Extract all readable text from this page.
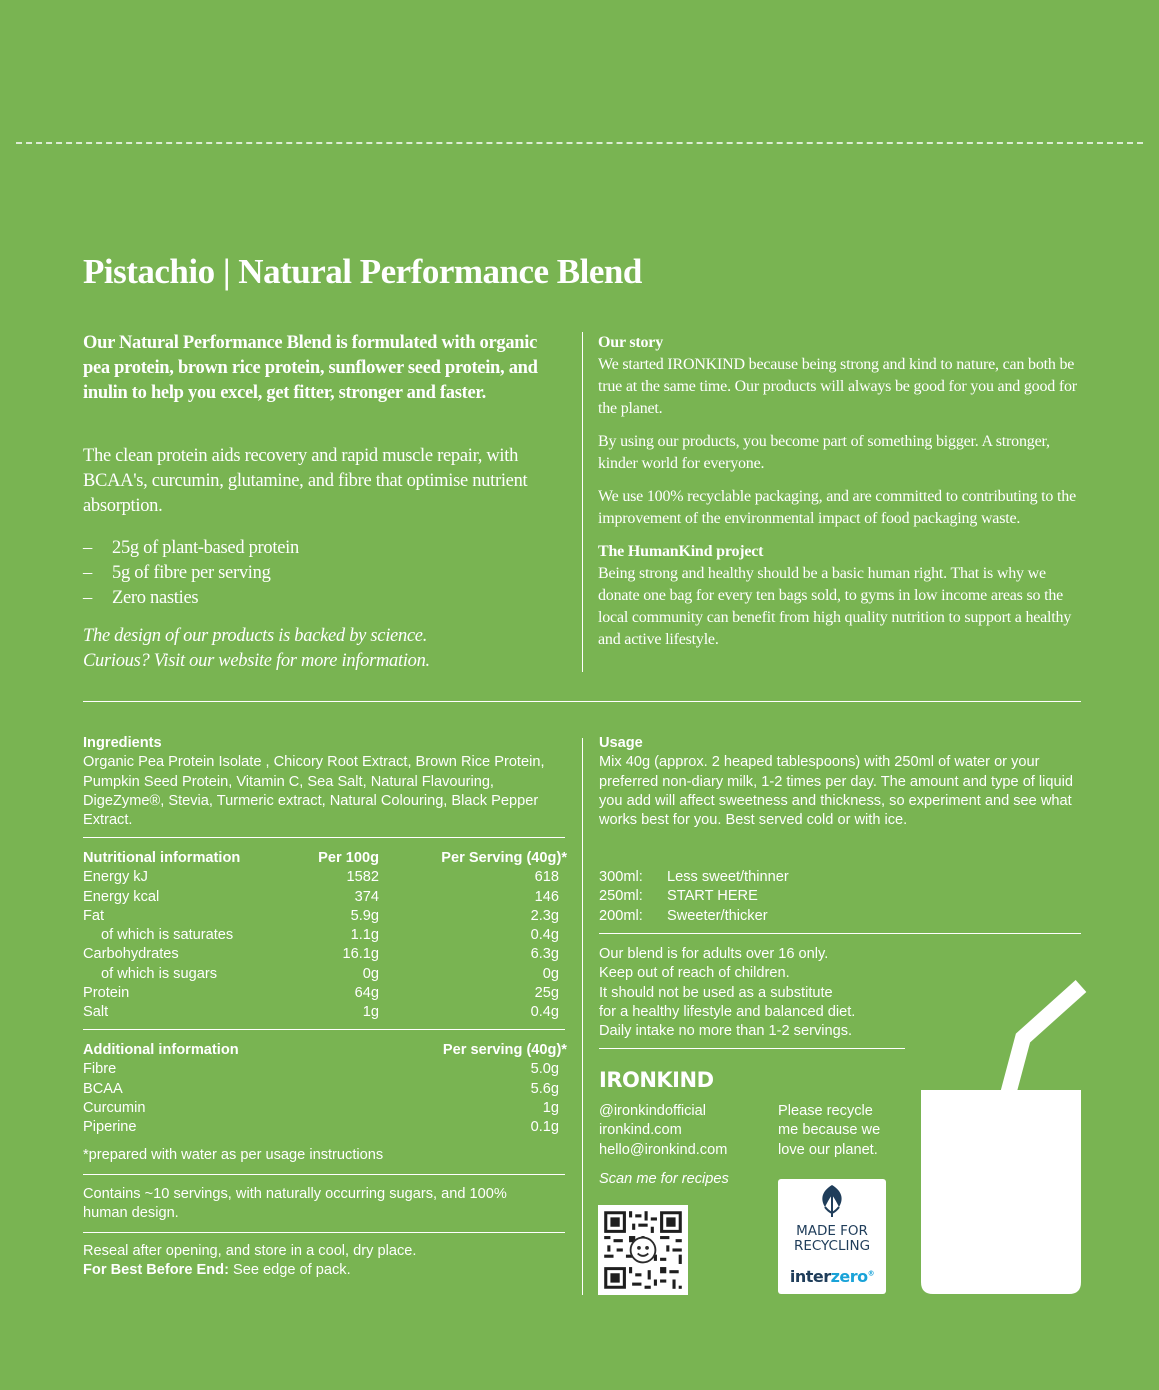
Pistachio | Natural Performance Blend

Our Natural Performance Blend is formulated with organic pea protein, brown rice protein, sunflower seed protein, and inulin to help you excel, get fitter, stronger and faster.

The clean protein aids recovery and rapid muscle repair, with BCAA's, curcumin, glutamine, and fibre that optimise nutrient absorption.

– 25g of plant-based protein
– 5g of fibre per serving
– Zero nasties
The design of our products is backed by science.
Curious? Visit our website for more information.
Our story

We started IRONKIND because being strong and kind to nature, can both be true at the same time. Our products will always be good for you and good for the planet.

By using our products, you become part of something bigger. A stronger, kinder world for everyone.

We use 100% recyclable packaging, and are committed to contributing to the improvement of the environmental impact of food packaging waste.

The HumanKind project

Being strong and healthy should be a basic human right. That is why we donate one bag for every ten bags sold, to gyms in low income areas so the local community can benefit from high quality nutrition to support a healthy and active lifestyle.

Ingredients
Organic Pea Protein Isolate , Chicory Root Extract, Brown Rice Protein, Pumpkin Seed Protein, Vitamin C, Sea Salt, Natural Flavouring, DigeZyme®, Stevia, Turmeric extract, Natural Colouring, Black Pepper Extract.
Nutritional information	Per 100g	Per Serving (40g)*
Energy kJ	1582	618
Energy kcal	374	146
Fat	5.9g	2.3g
of which is saturates	1.1g	0.4g
Carbohydrates	16.1g	6.3g
of which is sugars	0g	0g
Protein	64g	25g
Salt	1g	0.4g
Additional information	Per serving (40g)*
Fibre	5.0g
BCAA	5.6g
Curcumin	1g
Piperine	0.1g
*prepared with water as per usage instructions
Contains ~10 servings, with naturally occurring sugars, and 100% human design.
Reseal after opening, and store in a cool, dry place.
For Best Before End: See edge of pack.
Usage
Mix 40g (approx. 2 heaped tablespoons) with 250ml of water or your preferred non-diary milk, 1-2 times per day. The amount and type of liquid you add will affect sweetness and thickness, so experiment and see what works best for you. Best served cold or with ice.
300ml:	Less sweet/thinner
250ml:	START HERE
200ml:	Sweeter/thicker
Our blend is for adults over 16 only.
Keep out of reach of children.
It should not be used as a substitute
for a healthy lifestyle and balanced diet.
Daily intake no more than 1-2 servings.
IRONKIND
@ironkindofficial
ironkind.com
hello@ironkind.com
Please recycle
me because we
love our planet.
Scan me for recipes
MADE FOR
RECYCLING
interzero®
